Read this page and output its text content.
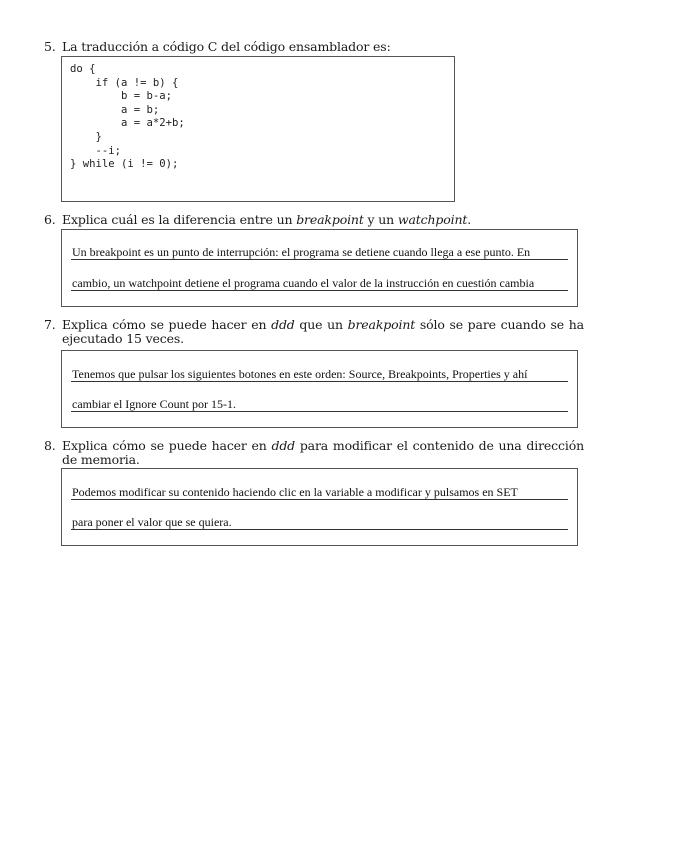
5. La traducción a código C del código ensamblador es:
do {
if (a != b) {
b = b-a;
a = b;
a = a*2+b;
}
--i;
} while (i != 0);
6. Explica cuál es la diferencia entre un breakpoint y un watchpoint.
Un breakpoint es un punto de interrupción: el programa se detiene cuando llega a ese punto. En
cambio, un watchpoint detiene el programa cuando el valor de la instrucción en cuestión cambia
7. Explica cómo se puede hacer en ddd que un breakpoint sólo se pare cuando se ha ejecutado 15 veces.
Tenemos que pulsar los siguientes botones en este orden: Source, Breakpoints, Properties y ahí
cambiar el Ignore Count por 15-1.
8. Explica cómo se puede hacer en ddd para modificar el contenido de una dirección de memoria.
Podemos modificar su contenido haciendo clic en la variable a modificar y pulsamos en SET
para poner el valor que se quiera.
